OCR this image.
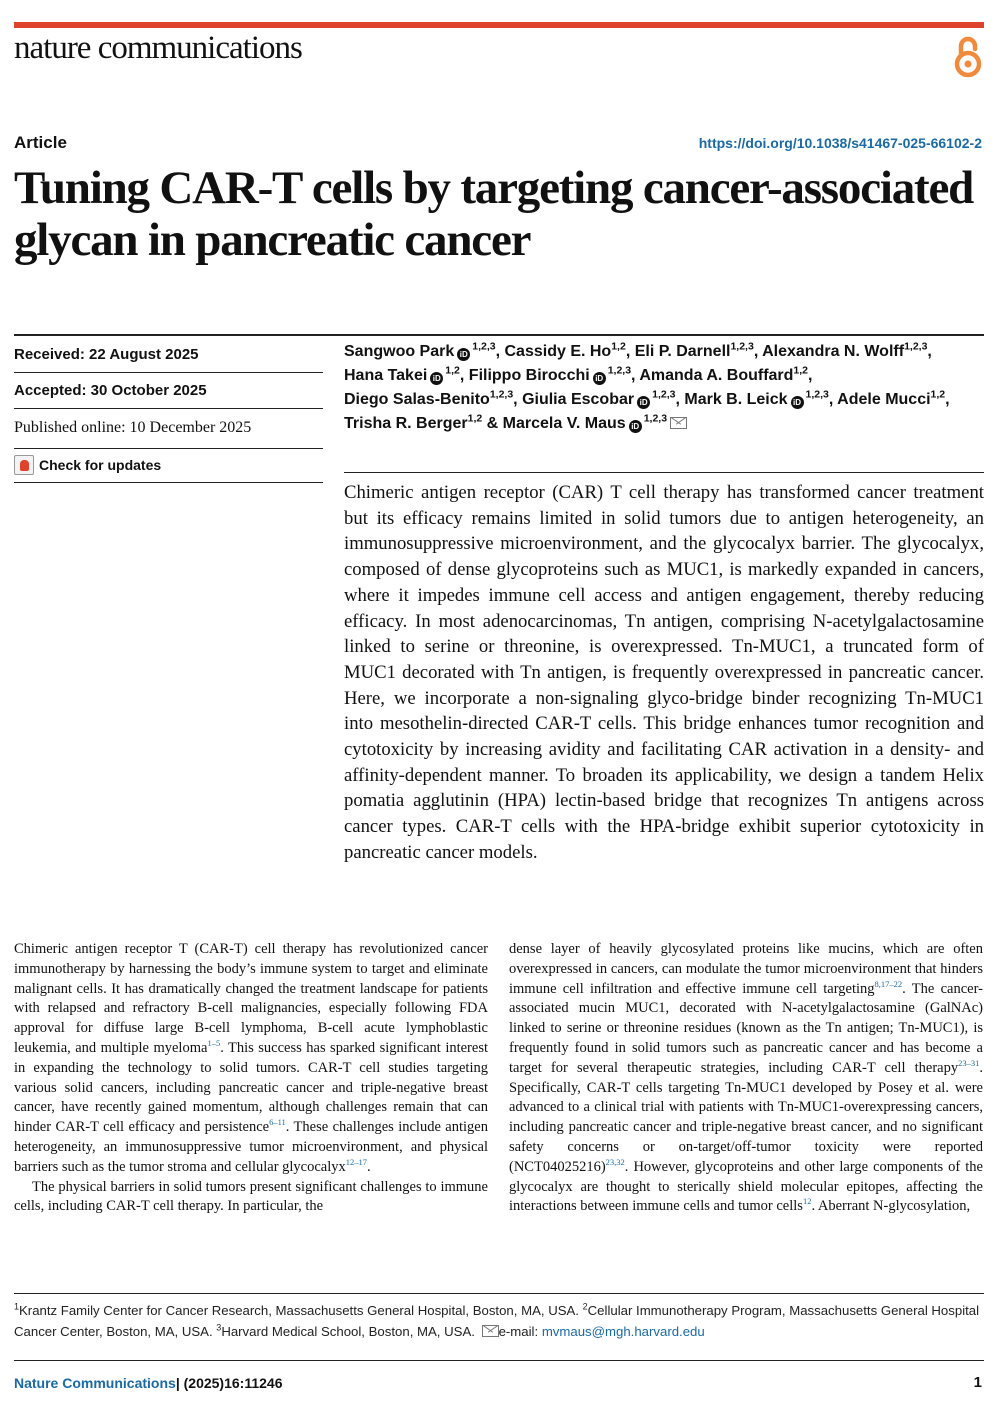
nature communications
Article	https://doi.org/10.1038/s41467-025-66102-2
Tuning CAR-T cells by targeting cancer-associated glycan in pancreatic cancer
Received: 22 August 2025
Accepted: 30 October 2025
Published online: 10 December 2025
Check for updates
Sangwoo Park iD$^{1,2,3}$, Cassidy E. Ho$^{1,2}$, Eli P. Darnell$^{1,2,3}$, Alexandra N. Wolff$^{1,2,3}$, Hana Takei iD$^{1,2}$, Filippo Birocchi iD$^{1,2,3}$, Amanda A. Bouffard$^{1,2}$, Diego Salas-Benito$^{1,2,3}$, Giulia Escobar iD$^{1,2,3}$, Mark B. Leick iD$^{1,2,3}$, Adele Mucci$^{1,2}$, Trisha R. Berger$^{1,2}$ & Marcela V. Maus iD$^{1,2,3}$

Chimeric antigen receptor (CAR) T cell therapy has transformed cancer treatment but its efficacy remains limited in solid tumors due to antigen heterogeneity, an immunosuppressive microenvironment, and the glycocalyx barrier. The glycocalyx, composed of dense glycoproteins such as MUC1, is markedly expanded in cancers, where it impedes immune cell access and antigen engagement, thereby reducing efficacy. In most adenocarcinomas, Tn antigen, comprising N-acetylgalactosamine linked to serine or threonine, is overexpressed. Tn-MUC1, a truncated form of MUC1 decorated with Tn antigen, is frequently overexpressed in pancreatic cancer. Here, we incorporate a non-signaling glyco-bridge binder recognizing Tn-MUC1 into mesothelin-directed CAR-T cells. This bridge enhances tumor recognition and cytotoxicity by increasing avidity and facilitating CAR activation in a density- and affinity-dependent manner. To broaden its applicability, we design a tandem Helix pomatia agglutinin (HPA) lectin-based bridge that recognizes Tn antigens across cancer types. CAR-T cells with the HPA-bridge exhibit superior cytotoxicity in pancreatic cancer models.

Chimeric antigen receptor T (CAR-T) cell therapy has revolutionized cancer immunotherapy by harnessing the body’s immune system to target and eliminate malignant cells. It has dramatically changed the treatment landscape for patients with relapsed and refractory B-cell malignancies, especially following FDA approval for diffuse large B-cell lymphoma, B-cell acute lymphoblastic leukemia, and multiple myeloma$^{1-5}$. This success has sparked significant interest in expanding the technology to solid tumors. CAR-T cell studies targeting various solid cancers, including pancreatic cancer and triple-negative breast cancer, have recently gained momentum, although challenges remain that can hinder CAR-T cell efficacy and persistence$^{6-11}$. These challenges include antigen heterogeneity, an immunosuppressive tumor microenvironment, and physical barriers such as the tumor stroma and cellular glycocalyx$^{12-17}$.

The physical barriers in solid tumors present significant challenges to immune cells, including CAR-T cell therapy. In particular, the

dense layer of heavily glycosylated proteins like mucins, which are often overexpressed in cancers, can modulate the tumor microenvironment that hinders immune cell infiltration and effective immune cell targeting$^{8,17-22}$. The cancer-associated mucin MUC1, decorated with N-acetylgalactosamine (GalNAc) linked to serine or threonine residues (known as the Tn antigen; Tn-MUC1), is frequently found in solid tumors such as pancreatic cancer and has become a target for several therapeutic strategies, including CAR-T cell therapy$^{23-31}$. Specifically, CAR-T cells targeting Tn-MUC1 developed by Posey et al. were advanced to a clinical trial with patients with Tn-MUC1-overexpressing cancers, including pancreatic cancer and triple-negative breast cancer, and no significant safety concerns or on-target/off-tumor toxicity were reported (NCT04025216)$^{23,32}$. However, glycoproteins and other large components of the glycocalyx are thought to sterically shield molecular epitopes, affecting the interactions between immune cells and tumor cells$^{12}$. Aberrant N-glycosylation,

$^1$Krantz Family Center for Cancer Research, Massachusetts General Hospital, Boston, MA, USA. $^2$Cellular Immunotherapy Program, Massachusetts General Hospital Cancer Center, Boston, MA, USA. $^3$Harvard Medical School, Boston, MA, USA. e-mail: mvmaus@mgh.harvard.edu

Nature Communications| (2025)16:11246	1
